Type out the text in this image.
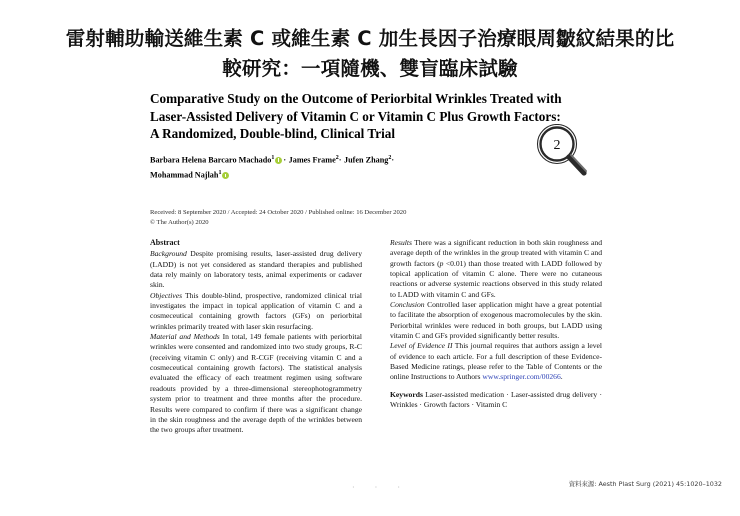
雷射輔助輸送維生素 C 或維生素 C 加生長因子治療眼周皺紋結果的比較研究：一項隨機、雙盲臨床試驗
Comparative Study on the Outcome of Periorbital Wrinkles Treated with Laser-Assisted Delivery of Vitamin C or Vitamin C Plus Growth Factors: A Randomized, Double-blind, Clinical Trial
2
Barbara Helena Barcaro Machado$^1$ · James Frame$^2$· Jufen Zhang$^2$·
Mohammad Najlah$^1$
Received: 8 September 2020 / Accepted: 24 October 2020 / Published online: 16 December 2020
© The Author(s) 2020
Abstract

Background Despite promising results, laser-assisted drug delivery (LADD) is not yet considered as standard therapies and published data rely mainly on laboratory tests, animal experiments or cadaver skin.

Objectives This double-blind, prospective, randomized clinical trial investigates the impact in topical application of vitamin C and a cosmeceutical containing growth factors (GFs) on periorbital wrinkles primarily treated with laser skin resurfacing.

Material and Methods In total, 149 female patients with periorbital wrinkles were consented and randomized into two study groups, R-C (receiving vitamin C only) and R-CGF (receiving vitamin C and a cosmeceutical containing growth factors). The statistical analysis evaluated the efficacy of each treatment regimen using software readouts provided by a three-dimensional stereophotogrammetry system prior to treatment and three months after the procedure. Results were compared to confirm if there was a significant change in the skin roughness and the average depth of the wrinkles between the two groups after treatment.

Results There was a significant reduction in both skin roughness and average depth of the wrinkles in the group treated with vitamin C and growth factors (p <0.01) than those treated with LADD followed by topical application of vitamin C alone. There were no cutaneous reactions or adverse systemic reactions observed in this study related to LADD with vitamin C and GFs.

Conclusion Controlled laser application might have a great potential to facilitate the absorption of exogenous macromolecules by the skin. Periorbital wrinkles were reduced in both groups, but LADD using vitamin C and GFs provided significantly better results.

Level of Evidence II This journal requires that authors assign a level of evidence to each article. For a full description of these Evidence-Based Medicine ratings, please refer to the Table of Contents or the online Instructions to Authors www.springer.com/00266.

Keywords Laser-assisted medication · Laser-assisted drug delivery · Wrinkles · Growth factors · Vitamin C

· · ·	資料來源: Aesth Plast Surg (2021) 45:1020–1032
